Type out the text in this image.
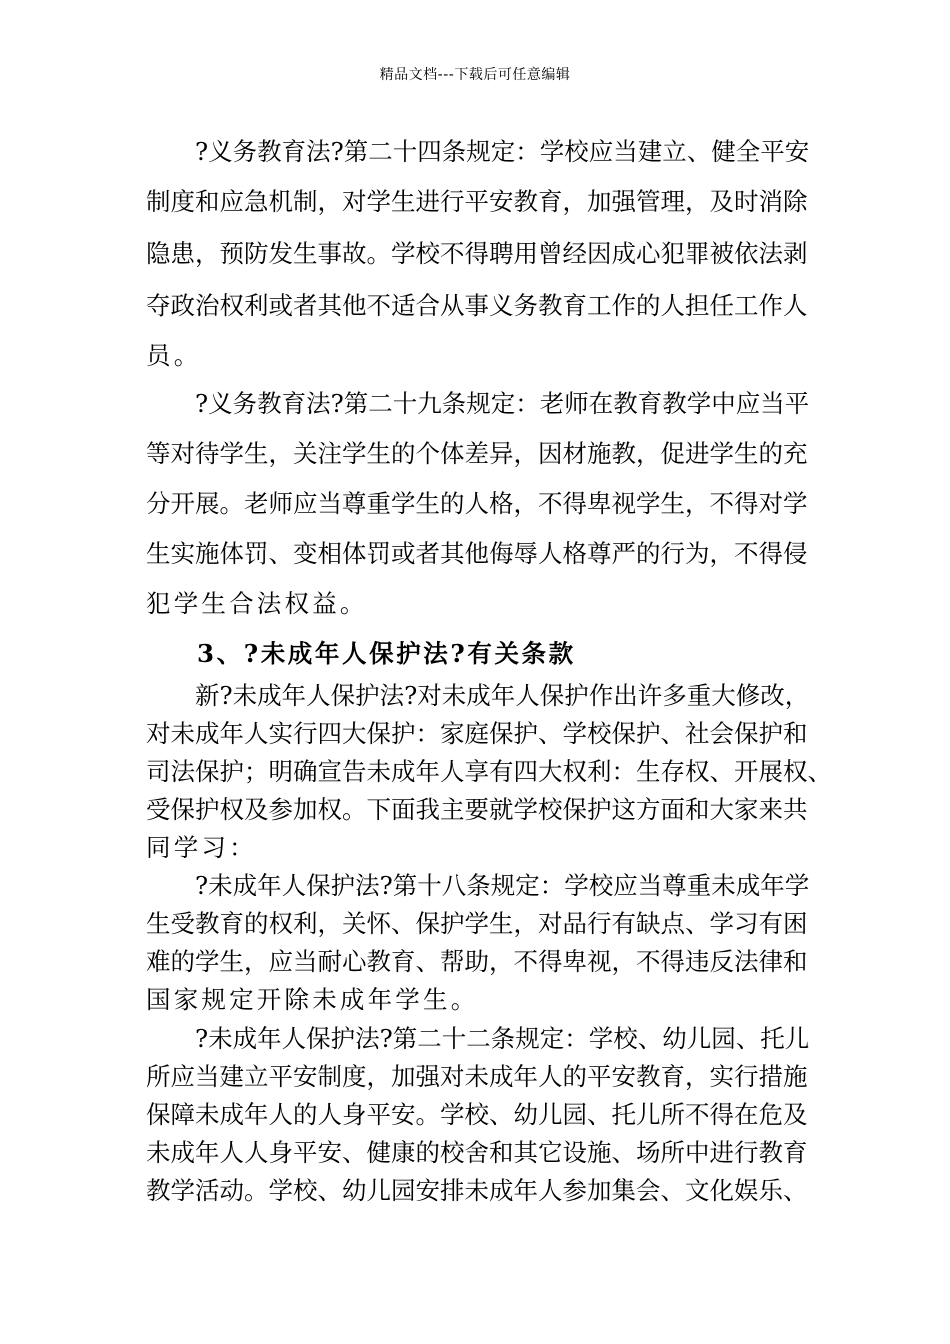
精品文档---下载后可任意编辑
?义务教育法?第二十四条规定：学校应当建立、健全平安
制度和应急机制，对学生进行平安教育，加强管理，及时消除
隐患，预防发生事故。学校不得聘用曾经因成心犯罪被依法剥
夺政治权利或者其他不适合从事义务教育工作的人担任工作人
员。
?义务教育法?第二十九条规定：老师在教育教学中应当平
等对待学生，关注学生的个体差异，因材施教，促进学生的充
分开展。老师应当尊重学生的人格，不得卑视学生，不得对学
生实施体罚、变相体罚或者其他侮辱人格尊严的行为，不得侵
犯学生合法权益。
3、?未成年人保护法?有关条款
新?未成年人保护法?对未成年人保护作出许多重大修改，
对未成年人实行四大保护：家庭保护、学校保护、社会保护和
司法保护；明确宣告未成年人享有四大权利：生存权、开展权、
受保护权及参加权。下面我主要就学校保护这方面和大家来共
同学习：
?未成年人保护法?第十八条规定：学校应当尊重未成年学
生受教育的权利，关怀、保护学生，对品行有缺点、学习有困
难的学生，应当耐心教育、帮助，不得卑视，不得违反法律和
国家规定开除未成年学生。
?未成年人保护法?第二十二条规定：学校、幼儿园、托儿
所应当建立平安制度，加强对未成年人的平安教育，实行措施
保障未成年人的人身平安。学校、幼儿园、托儿所不得在危及
未成年人人身平安、健康的校舍和其它设施、场所中进行教育
教学活动。学校、幼儿园安排未成年人参加集会、文化娱乐、
